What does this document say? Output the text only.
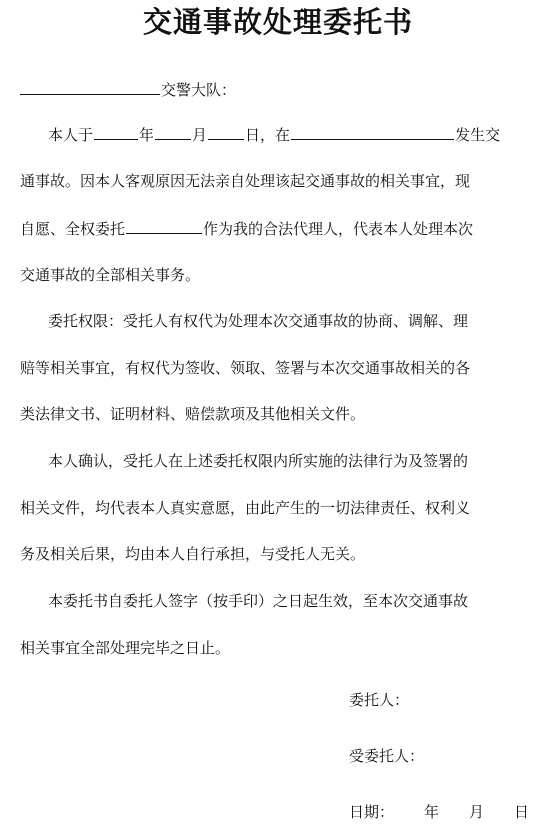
交通事故处理委托书
交警大队：
本人于	年	月	日，在	发生交
通事故。因本人客观原因无法亲自处理该起交通事故的相关事宜，现
自愿、全权委托	作为我的合法代理人，代表本人处理本次
交通事故的全部相关事务。
委托权限：受托人有权代为处理本次交通事故的协商、调解、理
赔等相关事宜，有权代为签收、领取、签署与本次交通事故相关的各
类法律文书、证明材料、赔偿款项及其他相关文件。
本人确认，受托人在上述委托权限内所实施的法律行为及签署的
相关文件，均代表本人真实意愿，由此产生的一切法律责任、权利义
务及相关后果，均由本人自行承担，与受托人无关。
本委托书自委托人签字（按手印）之日起生效，至本次交通事故
相关事宜全部处理完毕之日止。
委托人：
受委托人：
日期： 年 月 日
